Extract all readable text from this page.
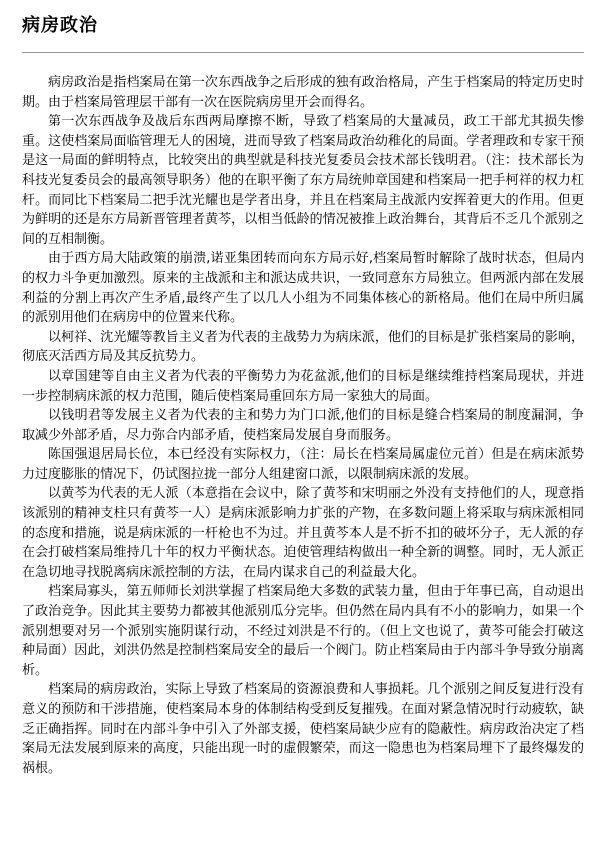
病房政治

病房政治是指档案局在第一次东西战争之后形成的独有政治格局，产生于档案局的特定历史时期。由于档案局管理层干部有一次在医院病房里开会而得名。

第一次东西战争及战后东西两局摩擦不断，导致了档案局的大量减员，政工干部尤其损失惨重。这使档案局面临管理无人的困境，进而导致了档案局政治幼稚化的局面。学者理政和专家干预是这一局面的鲜明特点，比较突出的典型就是科技光复委员会技术部长钱明君。（注：技术部长为科技光复委员会的最高领导职务）他的在职平衡了东方局统帅章国建和档案局一把手柯祥的权力杠杆。而同比下档案局二把手沈光耀也是学者出身，并且在档案局主战派内安挥着更大的作用。但更为鲜明的还是东方局新晋管理者黄芩，以相当低龄的情况被推上政治舞台，其背后不乏几个派别之间的互相制衡。

由于西方局大陆政策的崩溃,诺亚集团转而向东方局示好,档案局暂时解除了战时状态，但局内的权力斗争更加激烈。原来的主战派和主和派达成共识，一致同意东方局独立。但两派内部在发展利益的分割上再次产生矛盾,最终产生了以几人小组为不同集体核心的新格局。他们在局中所归属的派别用他们在病房中的位置来代称。

以柯祥、沈光耀等教旨主义者为代表的主战势力为病床派，他们的目标是扩张档案局的影响，彻底灭活西方局及其反抗势力。

以章国建等自由主义者为代表的平衡势力为花盆派,他们的目标是继续维持档案局现状，并进一步控制病床派的权力范围，随后使档案局重回东方局一家独大的局面。

以钱明君等发展主义者为代表的主和势力为门口派,他们的目标是缝合档案局的制度漏洞，争取减少外部矛盾，尽力弥合内部矛盾，使档案局发展自身而服务。

陈国强退居局长位，本已经没有实际权力，（注：局长在档案局属虚位元首）但是在病床派势力过度膨胀的情况下，仍试图拉拢一部分人组建窗口派，以限制病床派的发展。

以黄芩为代表的无人派（本意指在会议中，除了黄芩和宋明丽之外没有支持他们的人，现意指该派别的精神支柱只有黄芩一人）是病床派影响力扩张的产物，在多数问题上将采取与病床派相同的态度和措施，说是病床派的一杆枪也不为过。并且黄芩本人是不折不扣的破坏分子，无人派的存在会打破档案局维持几十年的权力平衡状态。迫使管理结构做出一种全新的调整。同时，无人派正在急切地寻找脱离病床派控制的方法，在局内谋求自己的利益最大化。

档案局寡头，第五师师长刘洪掌握了档案局绝大多数的武装力量，但由于年事已高，自动退出了政治竞争。因此其主要势力都被其他派别瓜分完毕。但仍然在局内具有不小的影响力，如果一个派别想要对另一个派别实施阴谋行动，不经过刘洪是不行的。（但上文也说了，黄芩可能会打破这种局面）因此，刘洪仍然是控制档案局安全的最后一个阀门。防止档案局由于内部斗争导致分崩离析。

档案局的病房政治，实际上导致了档案局的资源浪费和人事损耗。几个派别之间反复进行没有意义的预防和干涉措施，使档案局本身的体制结构受到反复摧残。在面对紧急情况时行动疲软，缺乏正确指挥。同时在内部斗争中引入了外部支援，使档案局缺少应有的隐蔽性。病房政治决定了档案局无法发展到原来的高度，只能出现一时的虚假繁荣，而这一隐患也为档案局埋下了最终爆发的祸根。
